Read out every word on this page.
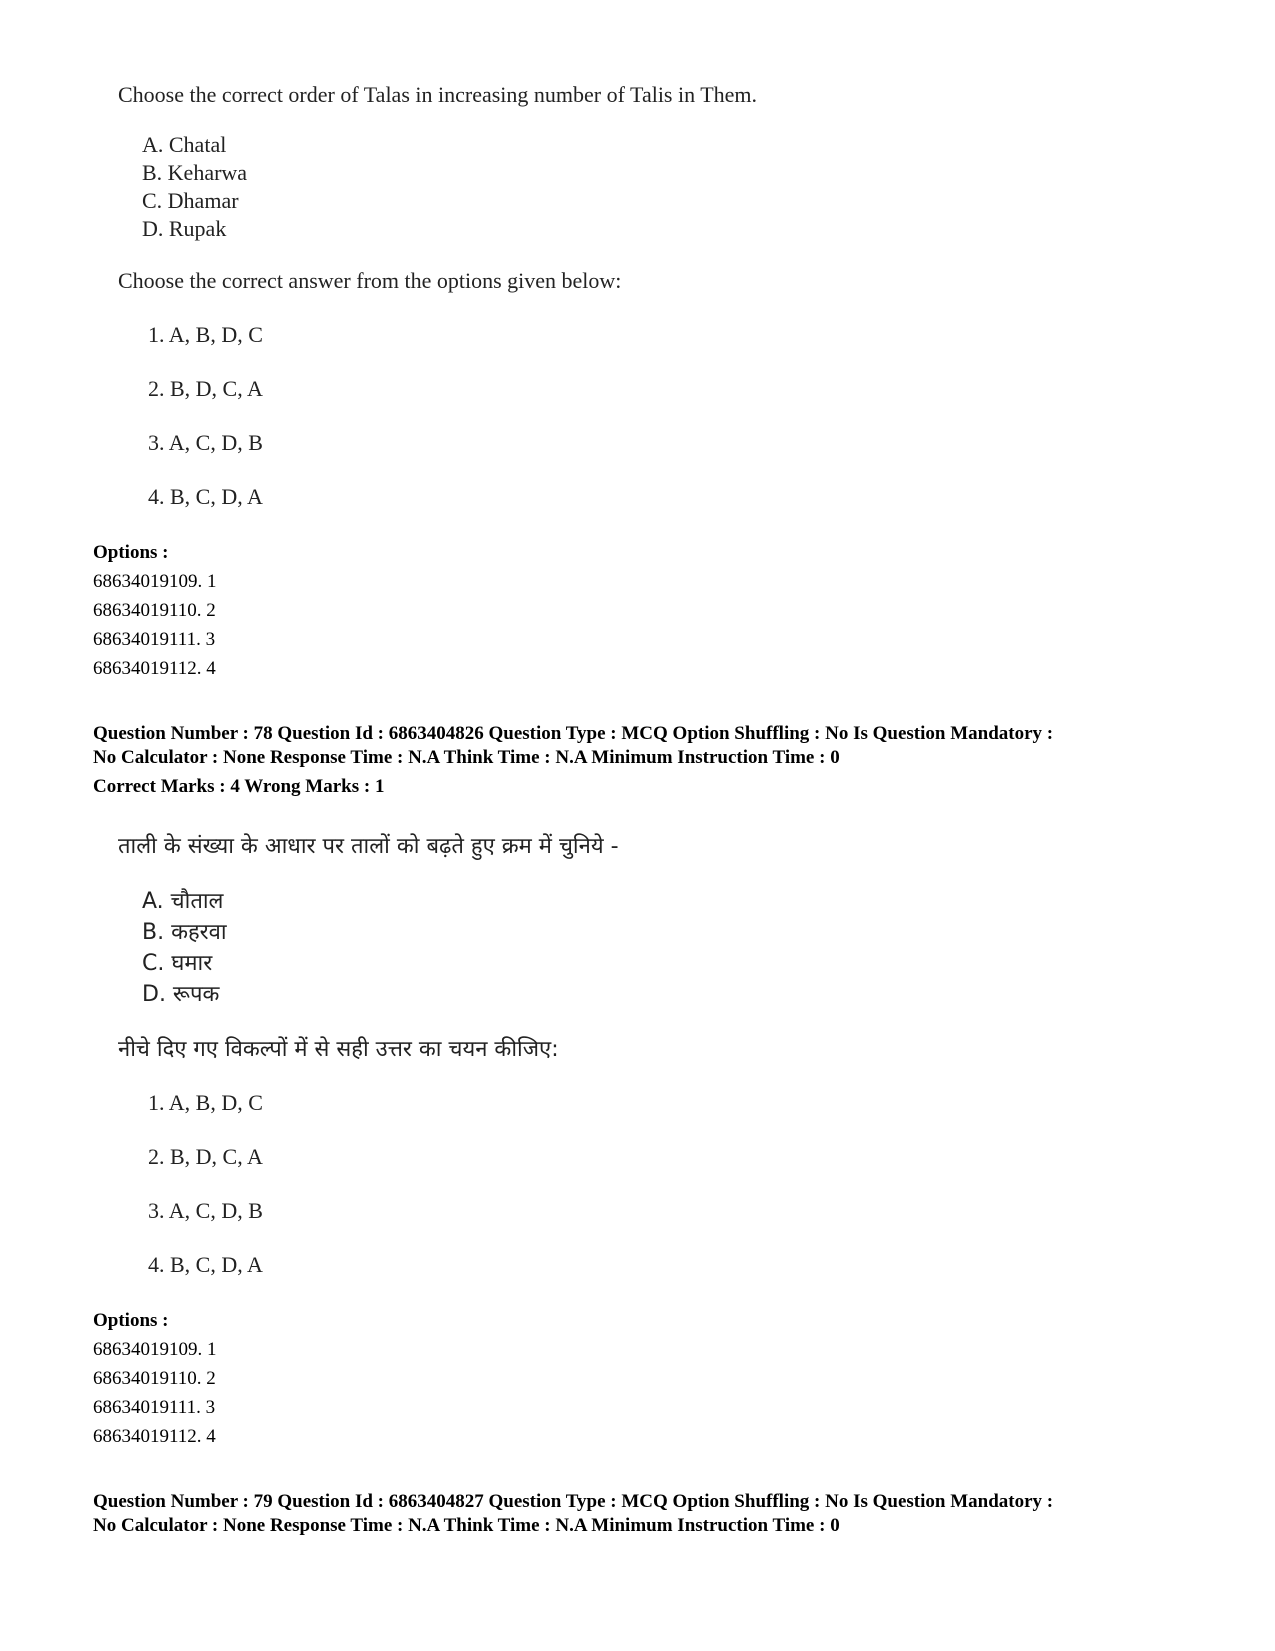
Choose the correct order of Talas in increasing number of Talis in Them.
A. Chatal
B. Keharwa
C. Dhamar
D. Rupak
Choose the correct answer from the options given below:
1. A, B, D, C
2. B, D, C, A
3. A, C, D, B
4. B, C, D, A
Options :
68634019109. 1
68634019110. 2
68634019111. 3
68634019112. 4
Question Number : 78 Question Id : 6863404826 Question Type : MCQ Option Shuffling : No Is Question Mandatory :
No Calculator : None Response Time : N.A Think Time : N.A Minimum Instruction Time : 0
Correct Marks : 4 Wrong Marks : 1
ताली के संख्या के आधार पर तालों को बढ़ते हुए क्रम में चुनिये -
A. चौताल
B. कहरवा
C. घमार
D. रूपक
नीचे दिए गए विकल्पों में से सही उत्तर का चयन कीजिए:
1. A, B, D, C
2. B, D, C, A
3. A, C, D, B
4. B, C, D, A
Options :
68634019109. 1
68634019110. 2
68634019111. 3
68634019112. 4
Question Number : 79 Question Id : 6863404827 Question Type : MCQ Option Shuffling : No Is Question Mandatory :
No Calculator : None Response Time : N.A Think Time : N.A Minimum Instruction Time : 0
